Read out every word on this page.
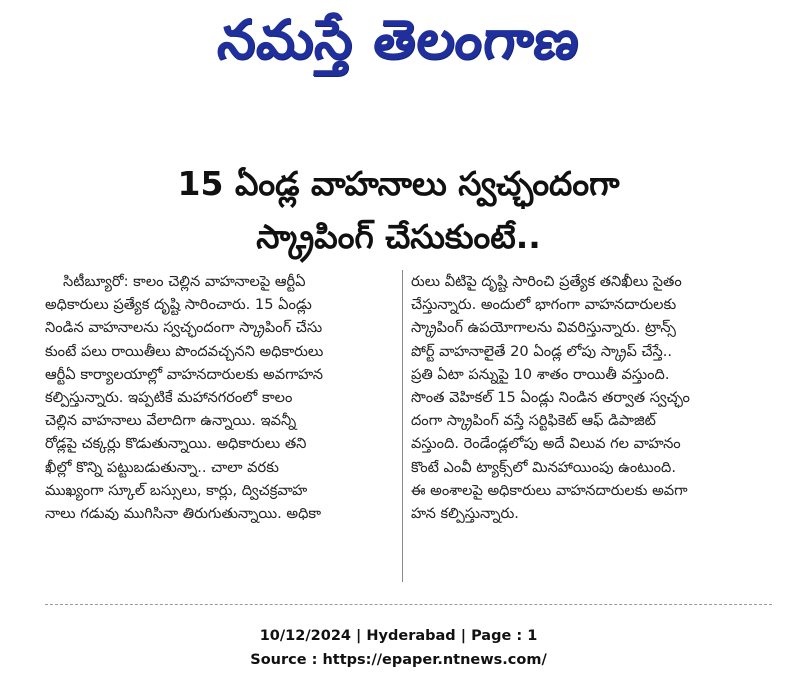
నమస్తే తెలంగాణ
15 ఏండ్ల వాహనాలు స్వచ్ఛందంగా
స్క్రాపింగ్ చేసుకుంటే..
సిటీబ్యూరో: కాలం చెల్లిన వాహనాలపై ఆర్టీఏ
అధికారులు ప్రత్యేక దృష్టి సారించారు. 15 ఏండ్లు
నిండిన వాహనాలను స్వచ్ఛందంగా స్క్రాపింగ్ చేసు
కుంటే పలు రాయితీలు పొందవచ్చనని అధికారులు
ఆర్టీఏ కార్యాలయాల్లో వాహనదారులకు అవగాహన
కల్పిస్తున్నారు. ఇప్పటికే మహానగరంలో కాలం
చెల్లిన వాహనాలు వేలాదిగా ఉన్నాయి. ఇవన్నీ
రోడ్లపై చక్కర్లు కొడుతున్నాయి. అధికారులు తని
ఖీల్లో కొన్ని పట్టుబడుతున్నా.. చాలా వరకు
ముఖ్యంగా స్కూల్ బస్సులు, కార్లు, ద్విచక్రవాహ
నాలు గడువు ముగిసినా తిరుగుతున్నాయి. అధికా
రులు వీటిపై దృష్టి సారించి ప్రత్యేక తనిఖీలు సైతం
చేస్తున్నారు. అందులో భాగంగా వాహనదారులకు
స్క్రాపింగ్ ఉపయోగాలను వివరిస్తున్నారు. ట్రాన్స్
పోర్ట్ వాహనాలైతే 20 ఏండ్ల లోపు స్క్రాప్ చేస్తే..
ప్రతి ఏటా పన్నుపై 10 శాతం రాయితీ వస్తుంది.
సొంత వెహికల్ 15 ఏండ్లు నిండిన తర్వాత స్వచ్ఛం
దంగా స్క్రాపింగ్ వస్తే సర్టిఫికెట్ ఆఫ్ డిపాజిట్
వస్తుంది. రెండేండ్లలోపు అదే విలువ గల వాహనం
కొంటే ఎంవీ ట్యాక్స్‌లో మినహాయింపు ఉంటుంది.
ఈ అంశాలపై అధికారులు వాహనదారులకు అవగా
హన కల్పిస్తున్నారు.
10/12/2024 | Hyderabad | Page : 1
Source : https://epaper.ntnews.com/
